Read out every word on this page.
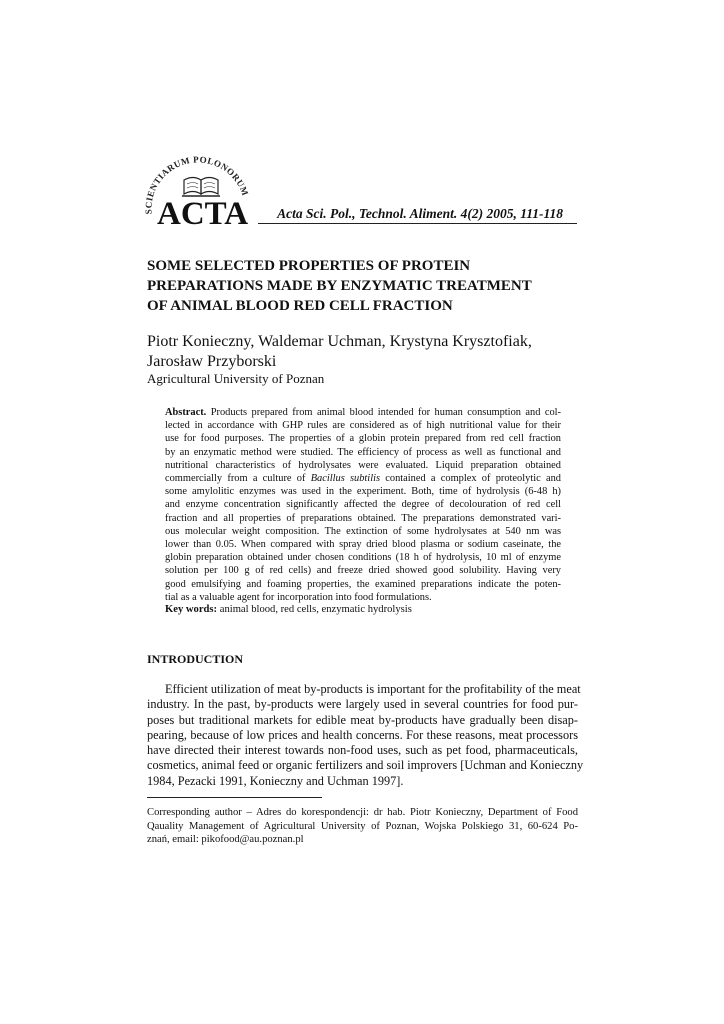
SCIENTIARUM POLONORUM
ACTA	Acta Sci. Pol., Technol. Aliment. 4(2) 2005, 111-118
SOME SELECTED PROPERTIES OF PROTEIN
PREPARATIONS MADE BY ENZYMATIC TREATMENT
OF ANIMAL BLOOD RED CELL FRACTION

Piotr Konieczny, Waldemar Uchman, Krystyna Krysztofiak,
Jarosław Przyborski

Agricultural University of Poznan
Abstract. Products prepared from animal blood intended for human consumption and col-
lected in accordance with GHP rules are considered as of high nutritional value for their
use for food purposes. The properties of a globin protein prepared from red cell fraction
by an enzymatic method were studied. The efficiency of process as well as functional and
nutritional characteristics of hydrolysates were evaluated. Liquid preparation obtained
commercially from a culture of Bacillus subtilis contained a complex of proteolytic and
some amylolitic enzymes was used in the experiment. Both, time of hydrolysis (6-48 h)
and enzyme concentration significantly affected the degree of decolouration of red cell
fraction and all properties of preparations obtained. The preparations demonstrated vari-
ous molecular weight composition. The extinction of some hydrolysates at 540 nm was
lower than 0.05. When compared with spray dried blood plasma or sodium caseinate, the
globin preparation obtained under chosen conditions (18 h of hydrolysis, 10 ml of enzyme
solution per 100 g of red cells) and freeze dried showed good solubility. Having very
good emulsifying and foaming properties, the examined preparations indicate the poten-
tial as a valuable agent for incorporation into food formulations.
Key words: animal blood, red cells, enzymatic hydrolysis
INTRODUCTION
Efficient utilization of meat by-products is important for the profitability of the meat
industry. In the past, by-products were largely used in several countries for food pur-
poses but traditional markets for edible meat by-products have gradually been disap-
pearing, because of low prices and health concerns. For these reasons, meat processors
have directed their interest towards non-food uses, such as pet food, pharmaceuticals,
cosmetics, animal feed or organic fertilizers and soil improvers [Uchman and Konieczny
1984, Pezacki 1991, Konieczny and Uchman 1997].
Corresponding author – Adres do korespondencji: dr hab. Piotr Konieczny, Department of Food
Qauality Management of Agricultural University of Poznan, Wojska Polskiego 31, 60-624 Po-
znań, email: pikofood@au.poznan.pl
